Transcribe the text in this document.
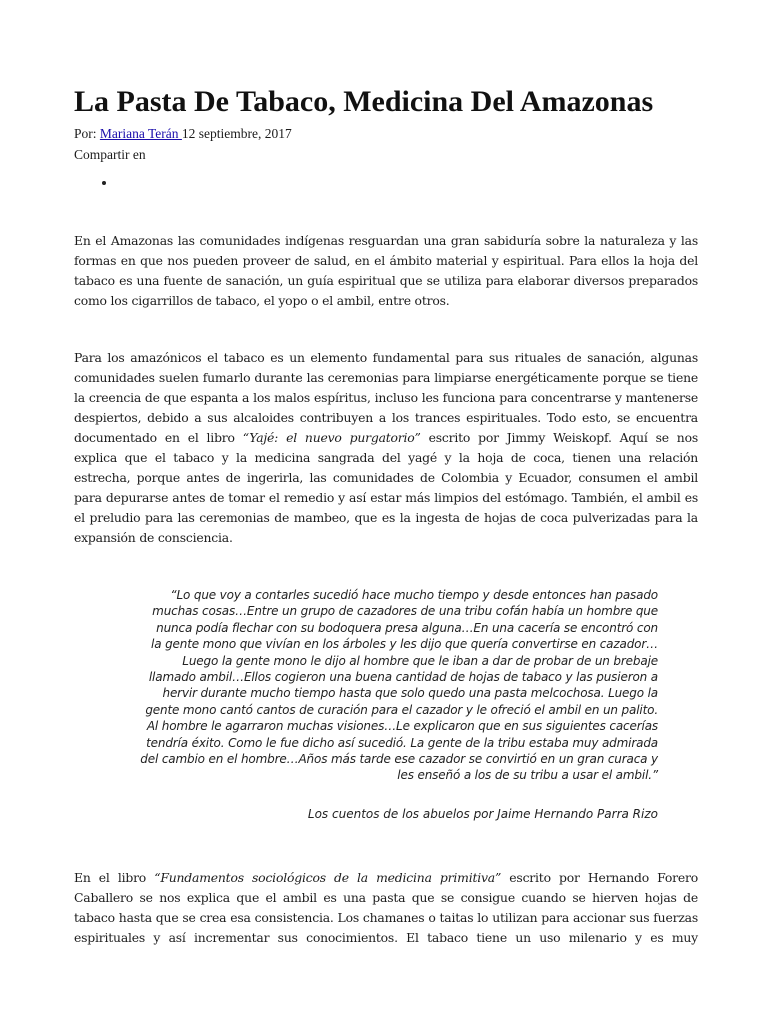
La Pasta De Tabaco, Medicina Del Amazonas
Por: Mariana Terán 12 septiembre, 2017
Compartir en

En el Amazonas las comunidades indígenas resguardan una gran sabiduría sobre la naturaleza y las
formas en que nos pueden proveer de salud, en el ámbito material y espiritual. Para ellos la hoja del
tabaco es una fuente de sanación, un guía espiritual que se utiliza para elaborar diversos preparados
como los cigarrillos de tabaco, el yopo o el ambil, entre otros.

Para los amazónicos el tabaco es un elemento fundamental para sus rituales de sanación, algunas
comunidades suelen fumarlo durante las ceremonias para limpiarse energéticamente porque se tiene
la creencia de que espanta a los malos espíritus, incluso les funciona para concentrarse y mantenerse
despiertos, debido a sus alcaloides contribuyen a los trances espirituales. Todo esto, se encuentra
documentado en el libro “Yajé: el nuevo purgatorio” escrito por Jimmy Weiskopf. Aquí se nos
explica que el tabaco y la medicina sangrada del yagé y la hoja de coca, tienen una relación
estrecha, porque antes de ingerirla, las comunidades de Colombia y Ecuador, consumen el ambil
para depurarse antes de tomar el remedio y así estar más limpios del estómago. También, el ambil es
el preludio para las ceremonias de mambeo, que es la ingesta de hojas de coca pulverizadas para la
expansión de consciencia.

“Lo que voy a contarles sucedió hace mucho tiempo y desde entonces han pasado
muchas cosas…Entre un grupo de cazadores de una tribu cofán había un hombre que
nunca podía flechar con su bodoquera presa alguna…En una cacería se encontró con
la gente mono que vivían en los árboles y les dijo que quería convertirse en cazador…
Luego la gente mono le dijo al hombre que le iban a dar de probar de un brebaje
llamado ambil…Ellos cogieron una buena cantidad de hojas de tabaco y las pusieron a
hervir durante mucho tiempo hasta que solo quedo una pasta melcochosa. Luego la
gente mono cantó cantos de curación para el cazador y le ofreció el ambil en un palito.
Al hombre le agarraron muchas visiones…Le explicaron que en sus siguientes cacerías
tendría éxito. Como le fue dicho así sucedió. La gente de la tribu estaba muy admirada
del cambio en el hombre…Años más tarde ese cazador se convirtió en un gran curaca y
les enseñó a los de su tribu a usar el ambil.”
Los cuentos de los abuelos por Jaime Hernando Parra Rizo

En el libro “Fundamentos sociológicos de la medicina primitiva” escrito por Hernando Forero
Caballero se nos explica que el ambil es una pasta que se consigue cuando se hierven hojas de
tabaco hasta que se crea esa consistencia. Los chamanes o taitas lo utilizan para accionar sus fuerzas
espirituales y así incrementar sus conocimientos. El tabaco tiene un uso milenario y es muy
